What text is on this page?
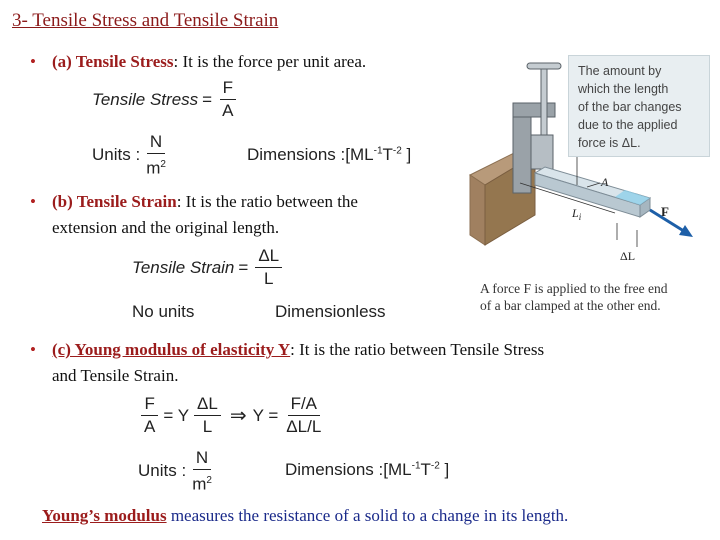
3- Tensile Stress and Tensile Strain
• (a) Tensile Stress: It is the force per unit area.
Tensile Stress = $\frac{F}{A}$
Units : $\frac{N}{m^2}$	Dimensions : [$ML^{-1}T^{-2}$ ]
• (b) Tensile Strain: It is the ratio between the
extension and the original length.
Tensile Strain = $\frac{\Delta L}{L}$
No units	Dimensionless
• (c) Young modulus of elasticity Y: It is the ratio between Tensile Stress
and Tensile Strain.
$\frac{F}{A} = Y \frac{\Delta L}{L}$ ⇒ $Y = \frac{F/A}{\Delta L/L}$
Units : $\frac{N}{m^2}$	Dimensions : [$ML^{-1}T^{-2}$ ]
Young’s modulus measures the resistance of a solid to a change in its length.
A
$L_i$	F
ΔL
The amount by
which the length
of the bar changes
due to the applied
force is ΔL.
A force F is applied to the free end
of a bar clamped at the other end.
